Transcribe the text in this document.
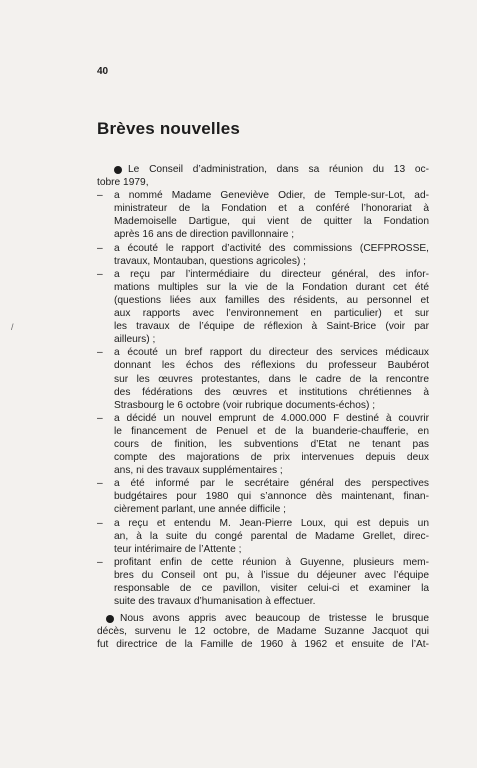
40
Brèves nouvelles
/
Le Conseil d’administration, dans sa réunion du 13 oc-
tobre 1979,
–	a nommé Madame Geneviève Odier, de Temple-sur-Lot, ad-
ministrateur de la Fondation et a conféré l’honorariat à
Mademoiselle Dartigue, qui vient de quitter la Fondation
après 16 ans de direction pavillonnaire ;
–	a écouté le rapport d’activité des commissions (CEFPROSSE,
travaux, Montauban, questions agricoles) ;
–	a reçu par l’intermédiaire du directeur général, des infor-
mations multiples sur la vie de la Fondation durant cet été
(questions liées aux familles des résidents, au personnel et
aux rapports avec l’environnement en particulier) et sur
les travaux de l’équipe de réflexion à Saint-Brice (voir par
ailleurs) ;
–	a écouté un bref rapport du directeur des services médicaux
donnant les échos des réflexions du professeur Baubérot
sur les œuvres protestantes, dans le cadre de la rencontre
des fédérations des œuvres et institutions chrétiennes à
Strasbourg le 6 octobre (voir rubrique documents-échos) ;
–	a décidé un nouvel emprunt de 4.000.000 F destiné à couvrir
le financement de Penuel et de la buanderie-chaufferie, en
cours de finition, les subventions d’Etat ne tenant pas
compte des majorations de prix intervenues depuis deux
ans, ni des travaux supplémentaires ;
–	a été informé par le secrétaire général des perspectives
budgétaires pour 1980 qui s’annonce dès maintenant, finan-
cièrement parlant, une année difficile ;
–	a reçu et entendu M. Jean-Pierre Loux, qui est depuis un
an, à la suite du congé parental de Madame Grellet, direc-
teur intérimaire de l’Attente ;
–	profitant enfin de cette réunion à Guyenne, plusieurs mem-
bres du Conseil ont pu, à l’issue du déjeuner avec l’équipe
responsable de ce pavillon, visiter celui-ci et examiner la
suite des travaux d’humanisation à effectuer.
Nous avons appris avec beaucoup de tristesse le brusque
décès, survenu le 12 octobre, de Madame Suzanne Jacquot qui
fut directrice de la Famille de 1960 à 1962 et ensuite de l’At-
